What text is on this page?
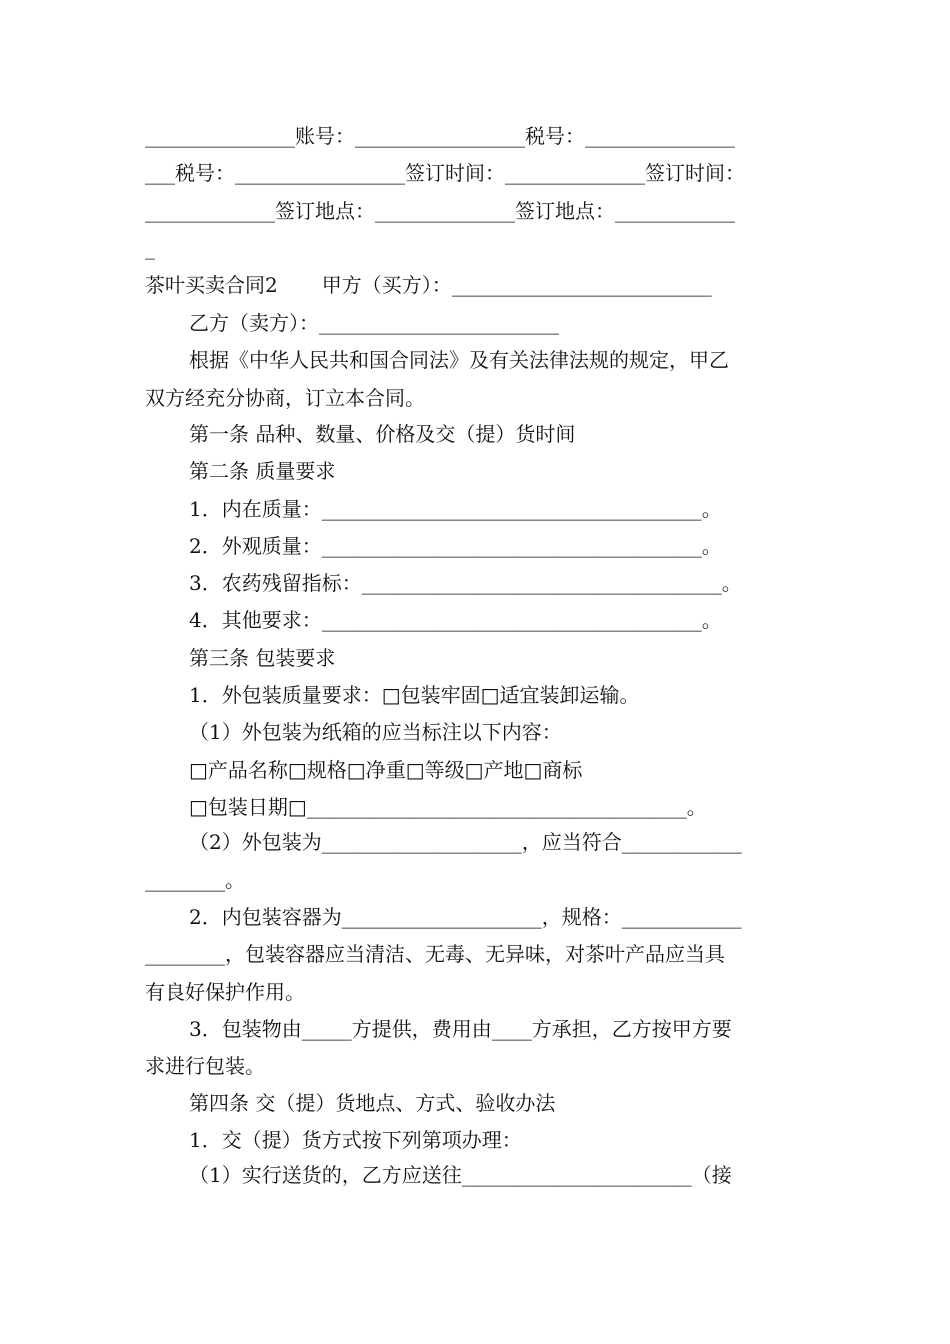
_______________账号：_________________税号：_______________
___税号：_________________签订时间：______________签订时间：
_____________签订地点：______________签订地点：____________
_
茶叶买卖合同2 甲方（买方）：__________________________
乙方（卖方）：________________________
根据《中华人民共和国合同法》及有关法律法规的规定，甲乙
双方经充分协商，订立本合同。
第一条 品种、数量、价格及交（提）货时间
第二条 质量要求
1．内在质量：______________________________________。
2．外观质量：______________________________________。
3．农药残留指标：____________________________________。
4．其他要求：______________________________________。
第三条 包装要求
1．外包装质量要求：□包装牢固□适宜装卸运输。
（1）外包装为纸箱的应当标注以下内容：
□产品名称□规格□净重□等级□产地□商标
□包装日期□______________________________________。
（2）外包装为____________________，应当符合____________
________。
2．内包装容器为____________________，规格：____________
________，包装容器应当清洁、无毒、无异味，对茶叶产品应当具
有良好保护作用。
3．包装物由_____方提供，费用由____方承担，乙方按甲方要
求进行包装。
第四条 交（提）货地点、方式、验收办法
1．交（提）货方式按下列第项办理：
（1）实行送货的，乙方应送往_______________________（接
